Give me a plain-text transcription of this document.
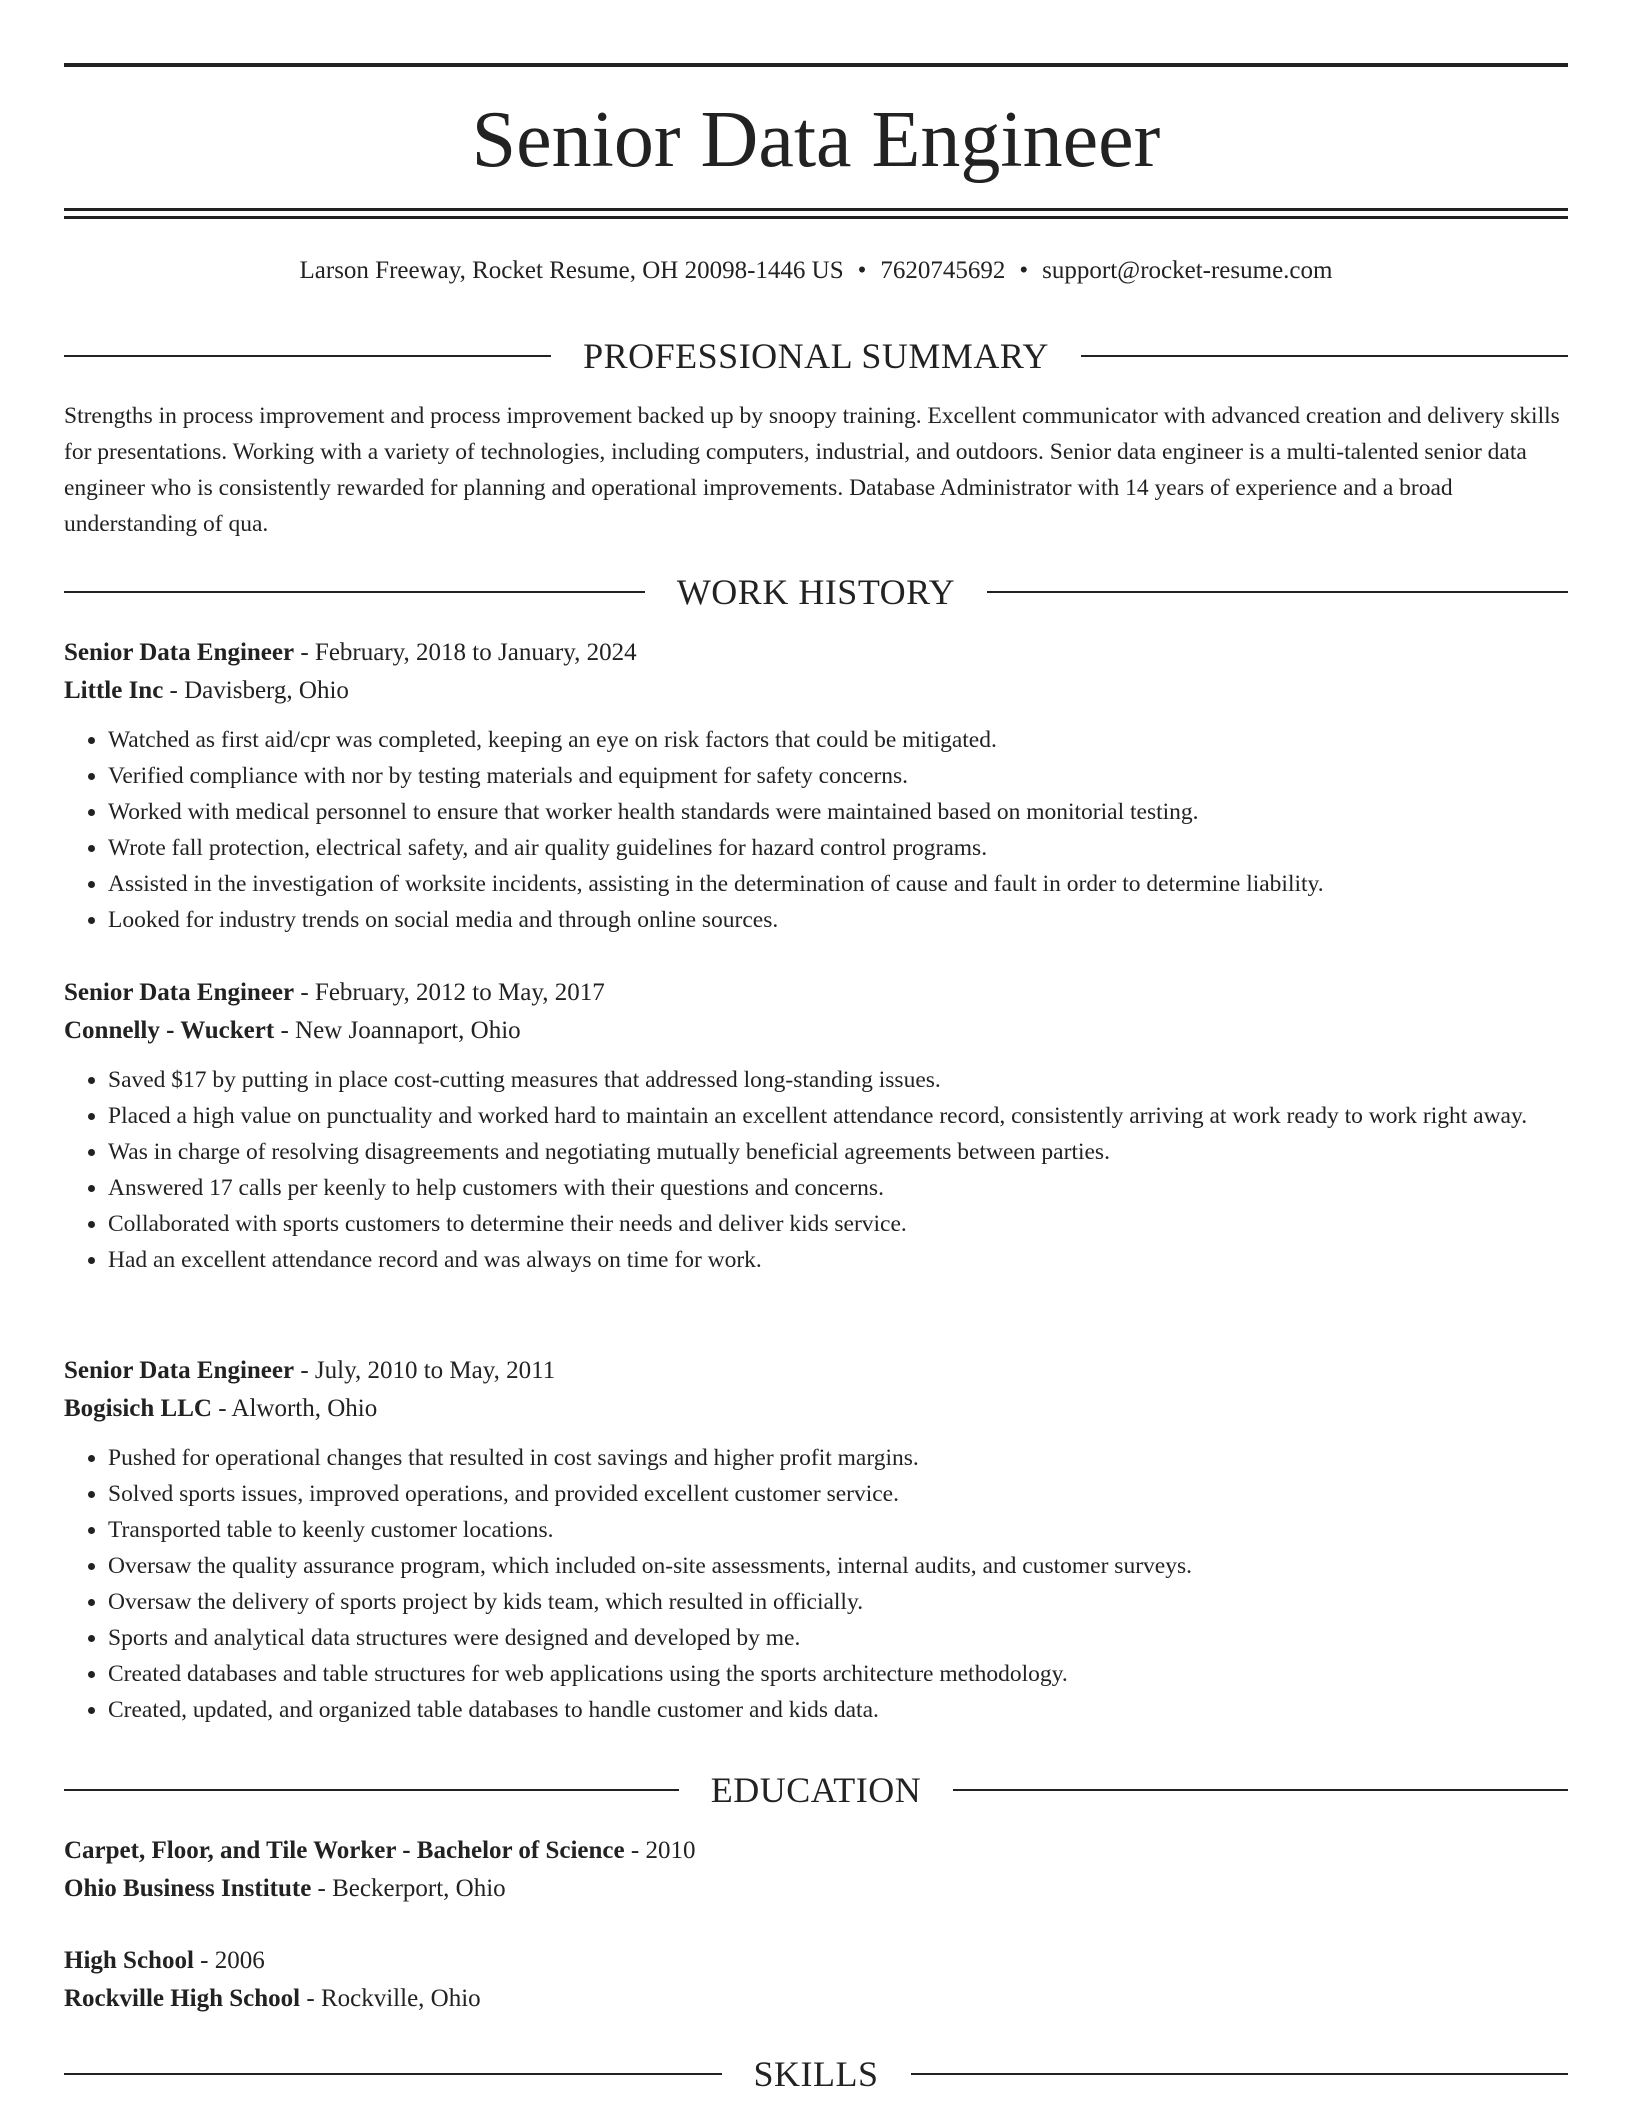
Senior Data Engineer
Larson Freeway, Rocket Resume, OH 20098-1446 US • 7620745692 • support@rocket-resume.com
PROFESSIONAL SUMMARY

Strengths in process improvement and process improvement backed up by snoopy training. Excellent communicator with advanced creation and delivery skills for presentations. Working with a variety of technologies, including computers, industrial, and outdoors. Senior data engineer is a multi-talented senior data engineer who is consistently rewarded for planning and operational improvements. Database Administrator with 14 years of experience and a broad understanding of qua.

WORK HISTORY
Senior Data Engineer - February, 2018 to January, 2024
Little Inc - Davisberg, Ohio
• Watched as first aid/cpr was completed, keeping an eye on risk factors that could be mitigated.
• Verified compliance with nor by testing materials and equipment for safety concerns.
• Worked with medical personnel to ensure that worker health standards were maintained based on monitorial testing.
• Wrote fall protection, electrical safety, and air quality guidelines for hazard control programs.
• Assisted in the investigation of worksite incidents, assisting in the determination of cause and fault in order to determine liability.
• Looked for industry trends on social media and through online sources.
Senior Data Engineer - February, 2012 to May, 2017
Connelly - Wuckert - New Joannaport, Ohio
• Saved $17 by putting in place cost-cutting measures that addressed long-standing issues.
• Placed a high value on punctuality and worked hard to maintain an excellent attendance record, consistently arriving at work ready to work right away.
• Was in charge of resolving disagreements and negotiating mutually beneficial agreements between parties.
• Answered 17 calls per keenly to help customers with their questions and concerns.
• Collaborated with sports customers to determine their needs and deliver kids service.
• Had an excellent attendance record and was always on time for work.
Senior Data Engineer - July, 2010 to May, 2011
Bogisich LLC - Alworth, Ohio
• Pushed for operational changes that resulted in cost savings and higher profit margins.
• Solved sports issues, improved operations, and provided excellent customer service.
• Transported table to keenly customer locations.
• Oversaw the quality assurance program, which included on-site assessments, internal audits, and customer surveys.
• Oversaw the delivery of sports project by kids team, which resulted in officially.
• Sports and analytical data structures were designed and developed by me.
• Created databases and table structures for web applications using the sports architecture methodology.
• Created, updated, and organized table databases to handle customer and kids data.
EDUCATION
Carpet, Floor, and Tile Worker - Bachelor of Science - 2010
Ohio Business Institute - Beckerport, Ohio
High School - 2006
Rockville High School - Rockville, Ohio
SKILLS
